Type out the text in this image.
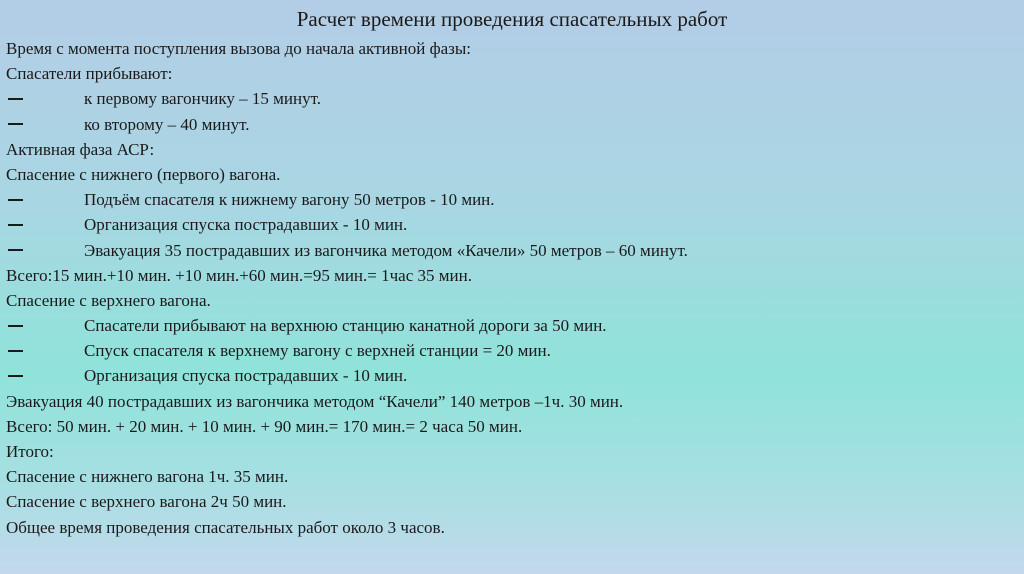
Расчет времени проведения спасательных работ
Время с момента поступления вызова до начала активной фазы:
Спасатели прибывают:
к первому вагончику – 15 минут.
ко второму – 40 минут.
Активная фаза АСР:
Спасение с нижнего (первого) вагона.
Подъём спасателя к нижнему вагону 50 метров - 10 мин.
Организация спуска пострадавших - 10 мин.
Эвакуация 35 пострадавших из вагончика методом «Качели» 50 метров – 60 минут.
Всего:15 мин.+10 мин. +10 мин.+60 мин.=95 мин.= 1час 35 мин.
Спасение с верхнего вагона.
Спасатели прибывают на верхнюю станцию канатной дороги за 50 мин.
Спуск спасателя к верхнему вагону с верхней станции = 20 мин.
Организация спуска пострадавших - 10 мин.
Эвакуация 40 пострадавших из вагончика методом “Качели” 140 метров –1ч. 30 мин.
Всего: 50 мин. + 20 мин. + 10 мин. + 90 мин.= 170 мин.= 2 часа 50 мин.
Итого:
Спасение с нижнего вагона 1ч. 35 мин.
Спасение с верхнего вагона 2ч 50 мин.
Общее время проведения спасательных работ около 3 часов.
